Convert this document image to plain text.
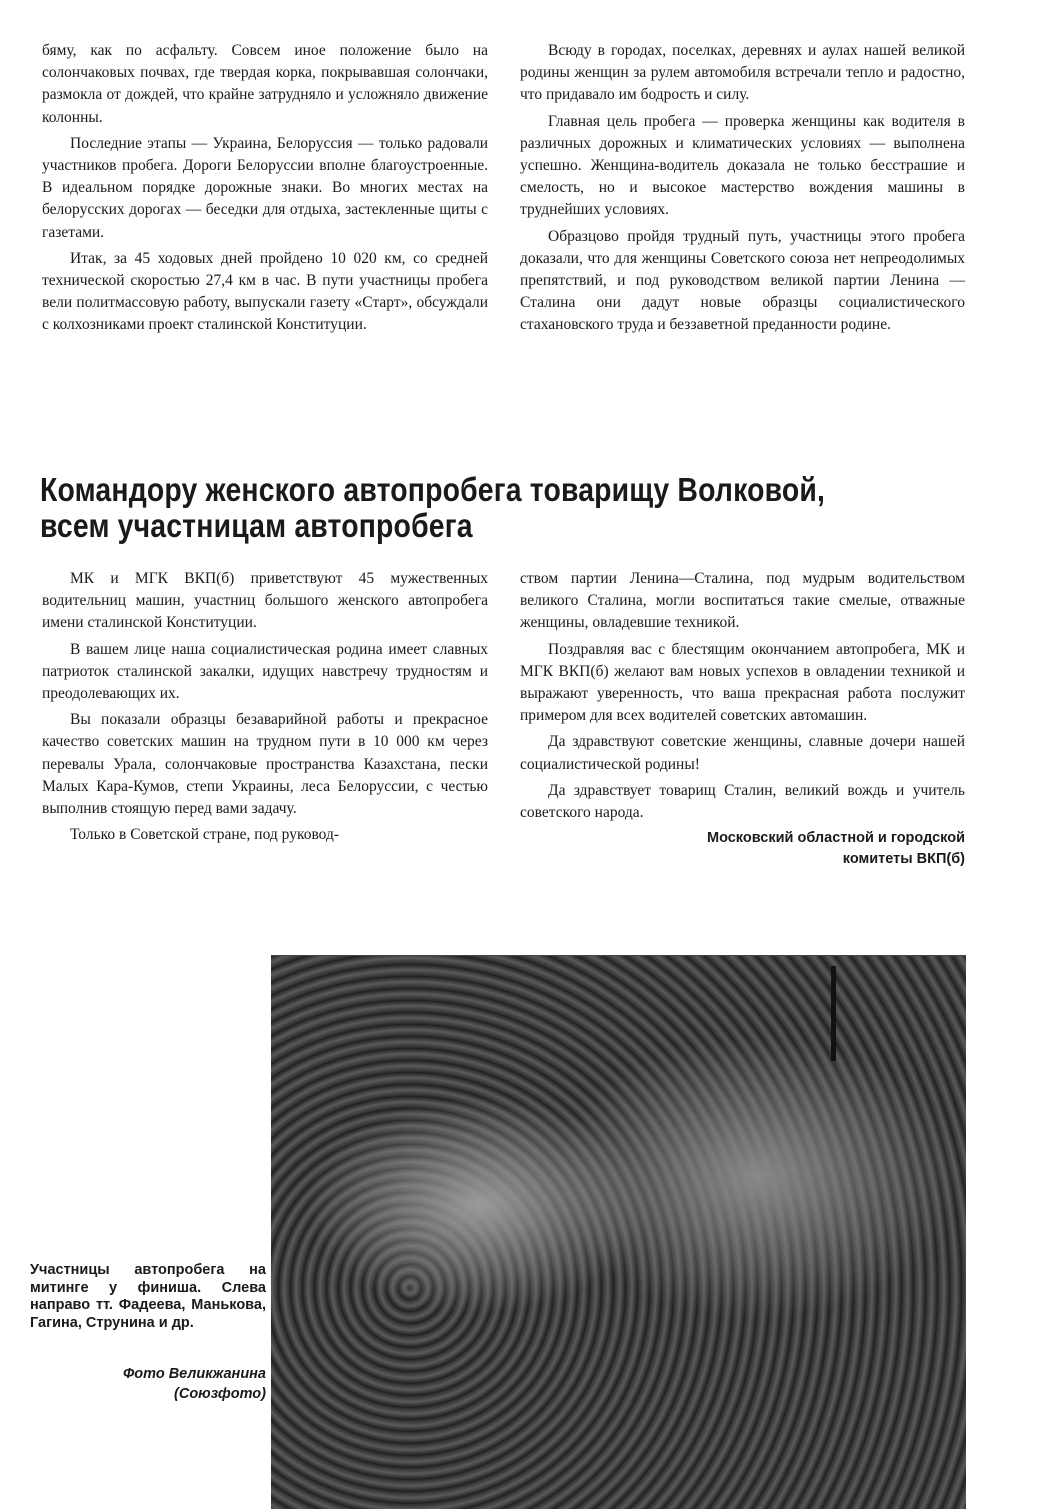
бяму, как по асфальту. Совсем иное положение было на солончаковых почвах, где твердая корка, покрывавшая солончаки, размокла от дождей, что крайне затрудняло и усложняло движение колонны.

Последние этапы — Украина, Белоруссия — только радовали участников пробега. Дороги Белоруссии вполне благоустроенные. В идеальном порядке дорожные знаки. Во многих местах на белорусских дорогах — беседки для отдыха, застекленные щиты с газетами.

Итак, за 45 ходовых дней пройдено 10 020 км, со средней технической скоростью 27,4 км в час. В пути участницы пробега вели политмассовую работу, выпускали газету «Старт», обсуждали с колхозниками проект сталинской Конституции.

Всюду в городах, поселках, деревнях и аулах нашей великой родины женщин за рулем автомобиля встречали тепло и радостно, что придавало им бодрость и силу.

Главная цель пробега — проверка женщины как водителя в различных дорожных и климатических условиях — выполнена успешно. Женщина-водитель доказала не только бесстрашие и смелость, но и высокое мастерство вождения машины в труднейших условиях.

Образцово пройдя трудный путь, участницы этого пробега доказали, что для женщины Советского союза нет непреодолимых препятствий, и под руководством великой партии Ленина — Сталина они дадут новые образцы социалистического стахановского труда и беззаветной преданности родине.

Командору женского автопробега товарищу Волковой,
всем участницам автопробега

МК и МГК ВКП(б) приветствуют 45 мужественных водительниц машин, участниц большого женского автопробега имени сталинской Конституции.

В вашем лице наша социалистическая родина имеет славных патриоток сталинской закалки, идущих навстречу трудностям и преодолевающих их.

Вы показали образцы безаварийной работы и прекрасное качество советских машин на трудном пути в 10 000 км через перевалы Урала, солончаковые пространства Казахстана, пески Малых Кара-Кумов, степи Украины, леса Белоруссии, с честью выполнив стоящую перед вами задачу.

Только в Советской стране, под руковод-

ством партии Ленина—Сталина, под мудрым водительством великого Сталина, могли воспитаться такие смелые, отважные женщины, овладевшие техникой.

Поздравляя вас с блестящим окончанием автопробега, МК и МГК ВКП(б) желают вам новых успехов в овладении техникой и выражают уверенность, что ваша прекрасная работа послужит примером для всех водителей советских автомашин.

Да здравствуют советские женщины, славные дочери нашей социалистической родины!

Да здравствует товарищ Сталин, великий вождь и учитель советского народа.

Московский областной и городской
комитеты ВКП(б)
Участницы автопробега на митинге у финиша. Слева направо тт. Фадеева, Манькова, Гагина, Струнина и др.
Фото Великжанина
(Союзфото)
